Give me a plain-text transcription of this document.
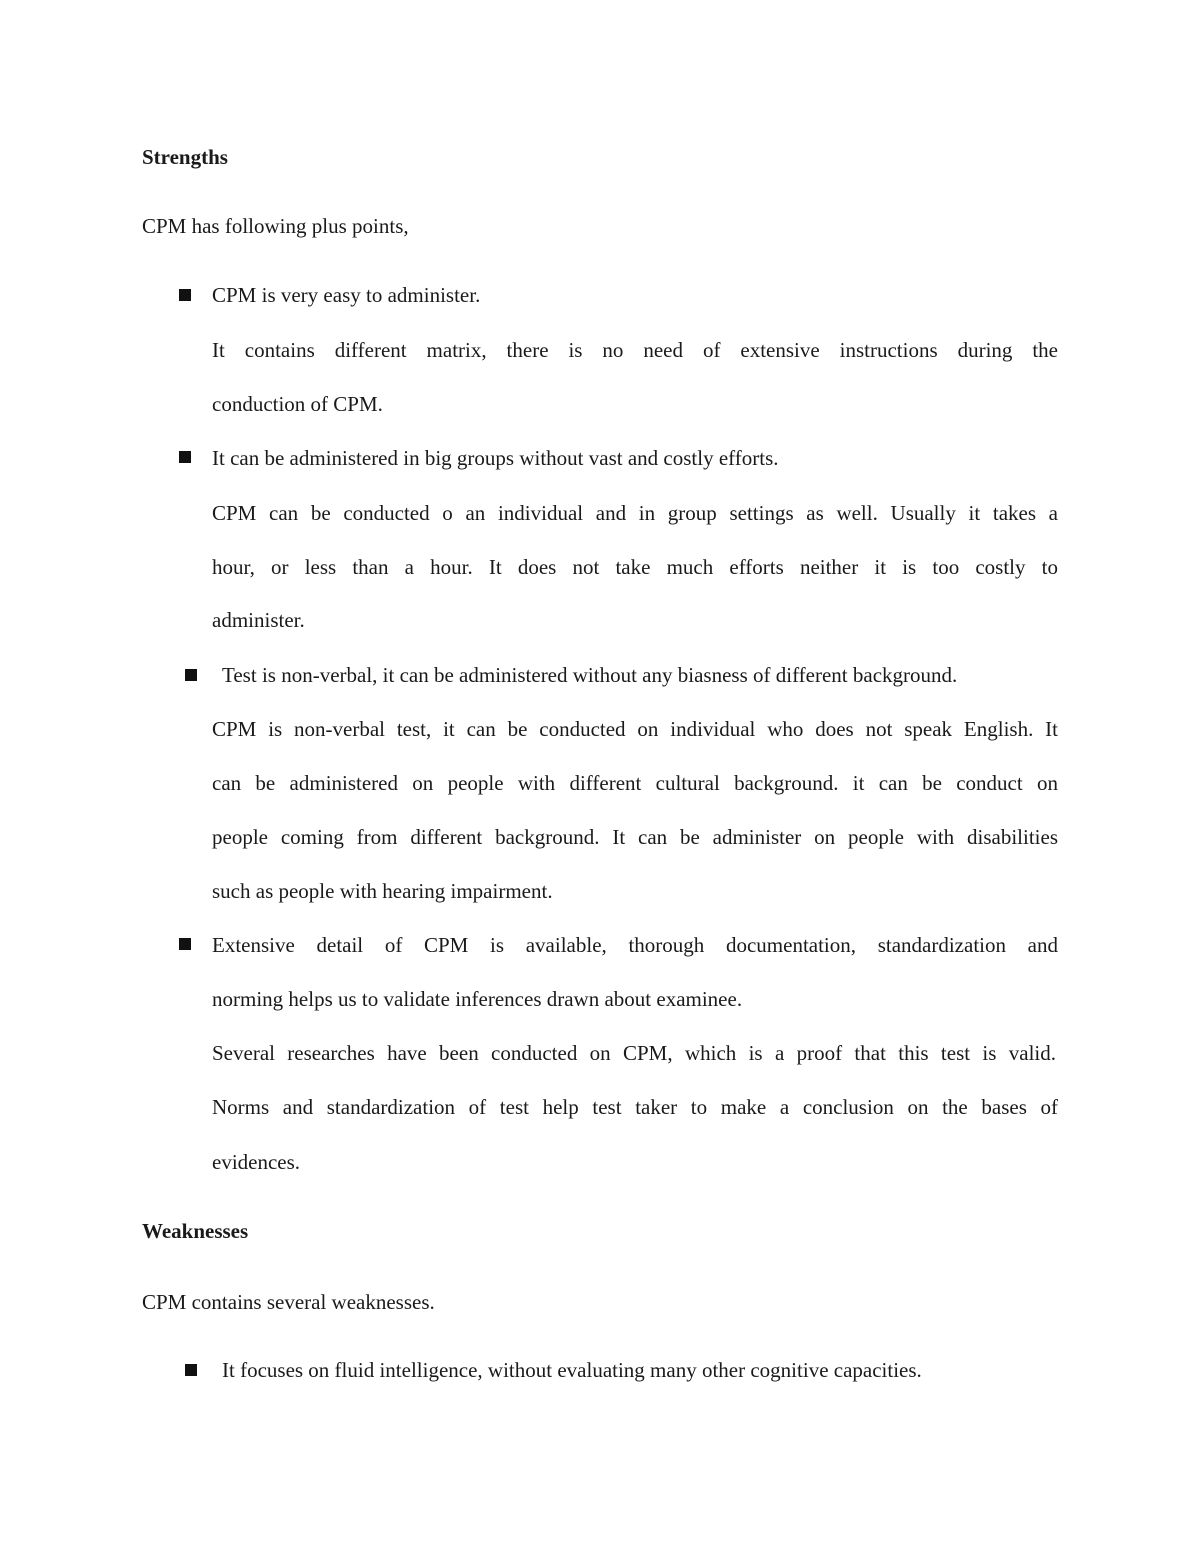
Strengths
CPM has following plus points,
CPM is very easy to administer.
It contains different matrix, there is no need of extensive instructions during the
conduction of CPM.
It can be administered in big groups without vast and costly efforts.
CPM can be conducted o an individual and in group settings as well. Usually it takes a
hour, or less than a hour. It does not take much efforts neither it is too costly to
administer.
Test is non-verbal, it can be administered without any biasness of different background.
CPM is non-verbal test, it can be conducted on individual who does not speak English. It
can be administered on people with different cultural background. it can be conduct on
people coming from different background. It can be administer on people with disabilities
such as people with hearing impairment.
Extensive detail of CPM is available, thorough documentation, standardization and
norming helps us to validate inferences drawn about examinee.
Several researches have been conducted on CPM, which is a proof that this test is valid.
Norms and standardization of test help test taker to make a conclusion on the bases of
evidences.
Weaknesses
CPM contains several weaknesses.
It focuses on fluid intelligence, without evaluating many other cognitive capacities.
